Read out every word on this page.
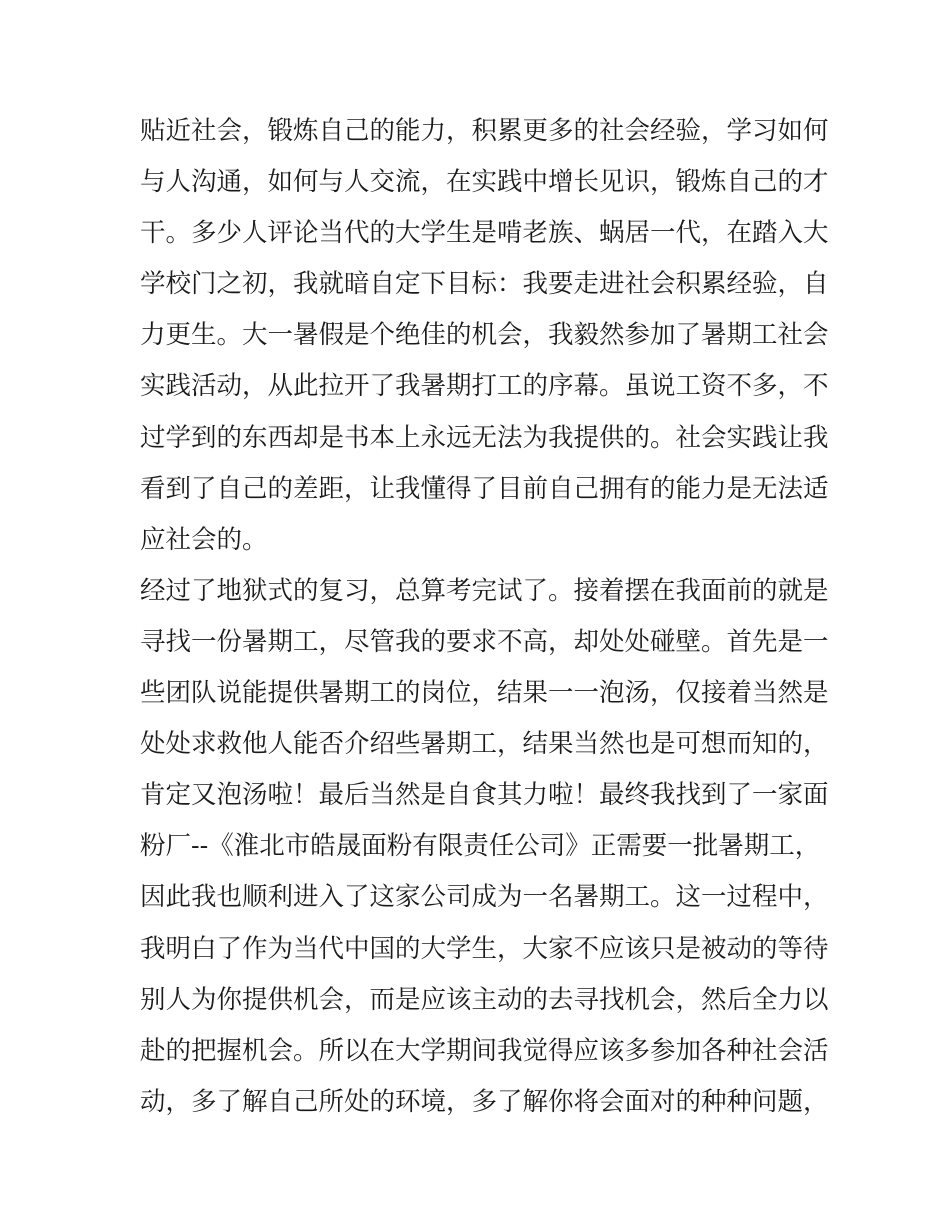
贴近社会，锻炼自己的能力，积累更多的社会经验，学习如何
与人沟通，如何与人交流，在实践中增长见识，锻炼自己的才
干。多少人评论当代的大学生是啃老族、蜗居一代，在踏入大
学校门之初，我就暗自定下目标：我要走进社会积累经验，自
力更生。大一暑假是个绝佳的机会，我毅然参加了暑期工社会
实践活动，从此拉开了我暑期打工的序幕。虽说工资不多，不
过学到的东西却是书本上永远无法为我提供的。社会实践让我
看到了自己的差距，让我懂得了目前自己拥有的能力是无法适
应社会的。
经过了地狱式的复习，总算考完试了。接着摆在我面前的就是
寻找一份暑期工，尽管我的要求不高，却处处碰壁。首先是一
些团队说能提供暑期工的岗位，结果一一泡汤，仅接着当然是
处处求救他人能否介绍些暑期工，结果当然也是可想而知的，
肯定又泡汤啦！最后当然是自食其力啦！最终我找到了一家面
粉厂--《淮北市皓晟面粉有限责任公司》正需要一批暑期工，
因此我也顺利进入了这家公司成为一名暑期工。这一过程中，
我明白了作为当代中国的大学生，大家不应该只是被动的等待
别人为你提供机会，而是应该主动的去寻找机会，然后全力以
赴的把握机会。所以在大学期间我觉得应该多参加各种社会活
动，多了解自己所处的环境，多了解你将会面对的种种问题，
